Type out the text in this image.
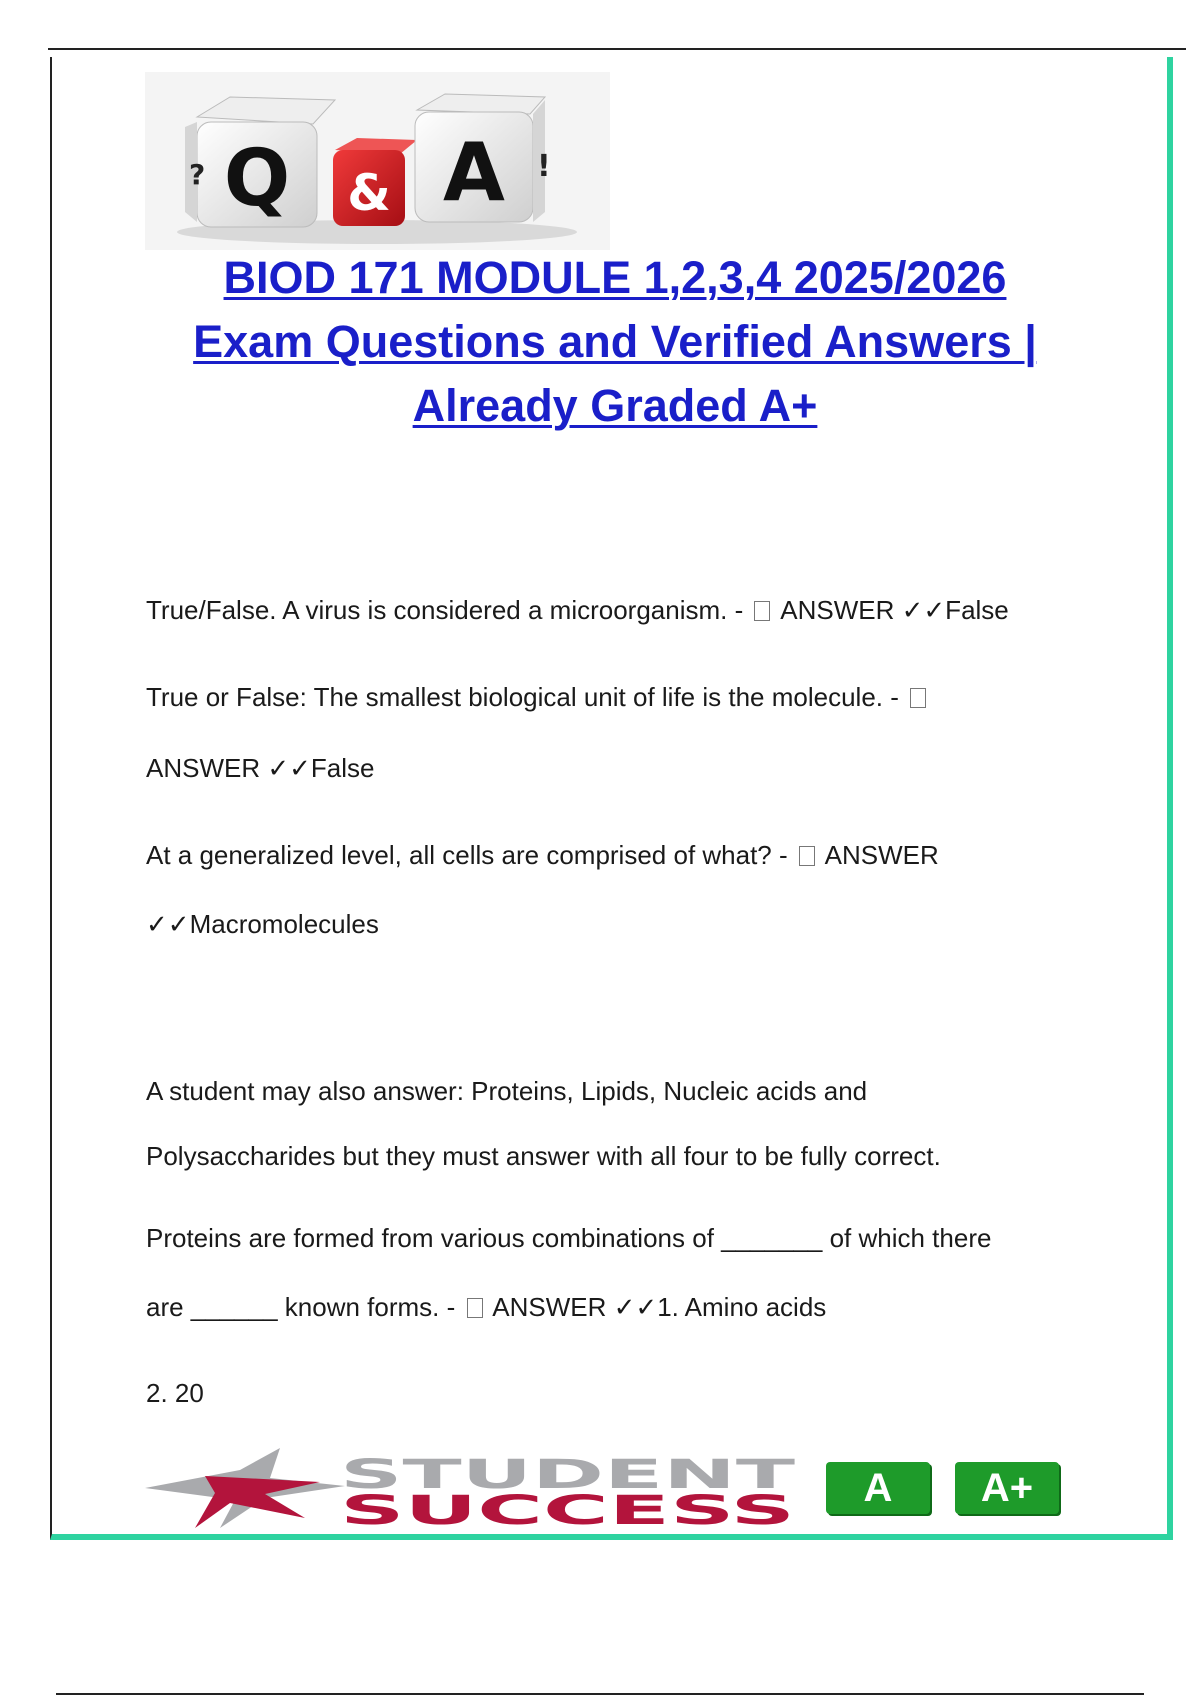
Q
?	& A !
BIOD 171 MODULE 1,2,3,4 2025/2026
Exam Questions and Verified Answers |
Already Graded A+

True/False. A virus is considered a microorganism. -  ANSWER ✓✓False

True or False: The smallest biological unit of life is the molecule. -

ANSWER ✓✓False

At a generalized level, all cells are comprised of what? -  ANSWER

✓✓Macromolecules

A student may also answer: Proteins, Lipids, Nucleic acids and

Polysaccharides but they must answer with all four to be fully correct.

Proteins are formed from various combinations of _______ of which there

are ______ known forms. -  ANSWER ✓✓1. Amino acids

2. 20

STUDENT
SUCCESS	A	A+
